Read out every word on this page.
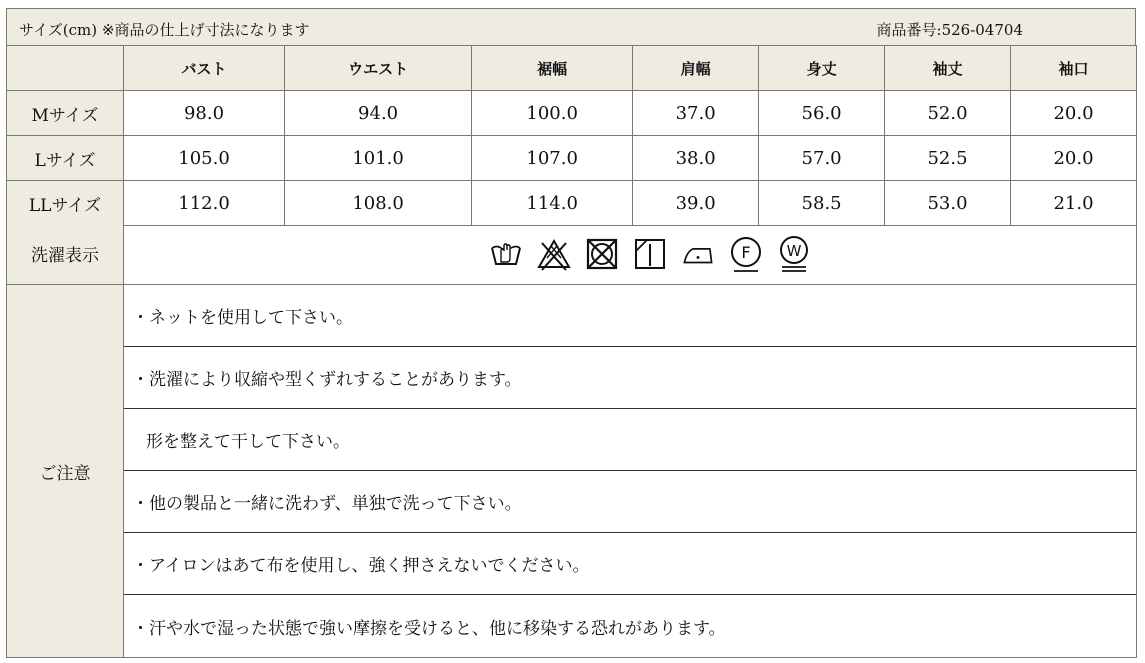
サイズ(cm) ※商品の仕上げ寸法になります	商品番号:526-04704
	バスト	ウエスト	裾幅	肩幅	身丈	袖丈	袖口
Mサイズ	98.0	94.0	100.0	37.0	56.0	52.0	20.0
Lサイズ	105.0	101.0	107.0	38.0	57.0	52.5	20.0
LLサイズ	112.0	108.0	114.0	39.0	58.5	53.0	21.0
洗濯表示	F W
ご注意
・ネットを使用して下さい。
・洗濯により収縮や型くずれすることがあります。
形を整えて干して下さい。
・他の製品と一緒に洗わず、単独で洗って下さい。
・アイロンはあて布を使用し、強く押さえないでください。
・汗や水で湿った状態で強い摩擦を受けると、他に移染する恐れがあります。
